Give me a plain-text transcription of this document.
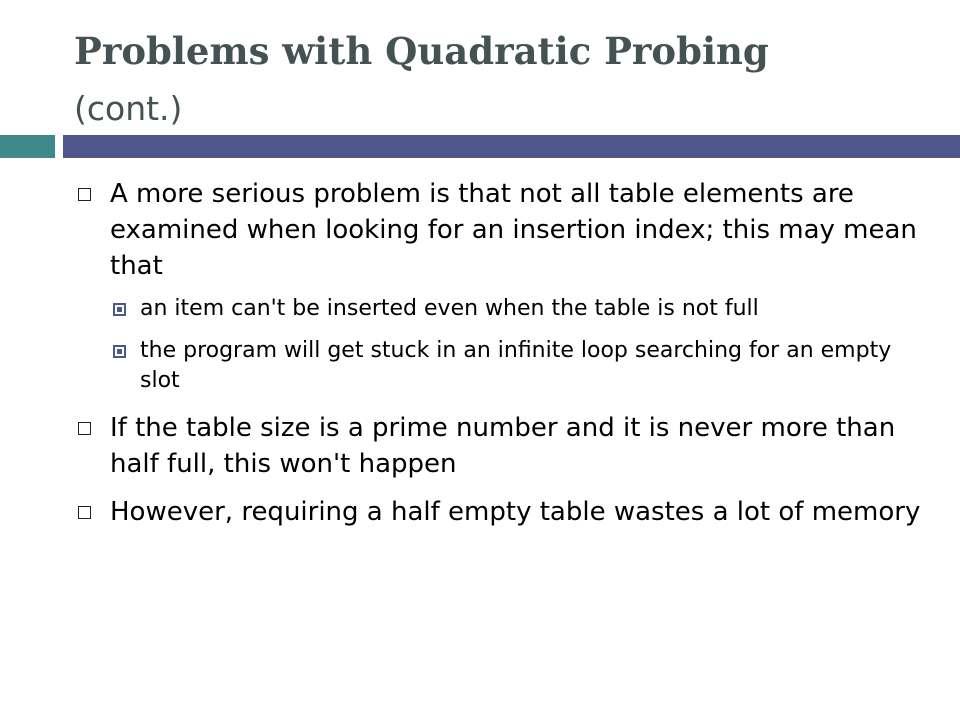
Problems with Quadratic Probing
(cont.)
A more serious problem is that not all table elements are examined when looking for an insertion index; this may mean that
an item can't be inserted even when the table is not full
the program will get stuck in an infinite loop searching for an empty slot
If the table size is a prime number and it is never more than half full, this won't happen
However, requiring a half empty table wastes a lot of memory
